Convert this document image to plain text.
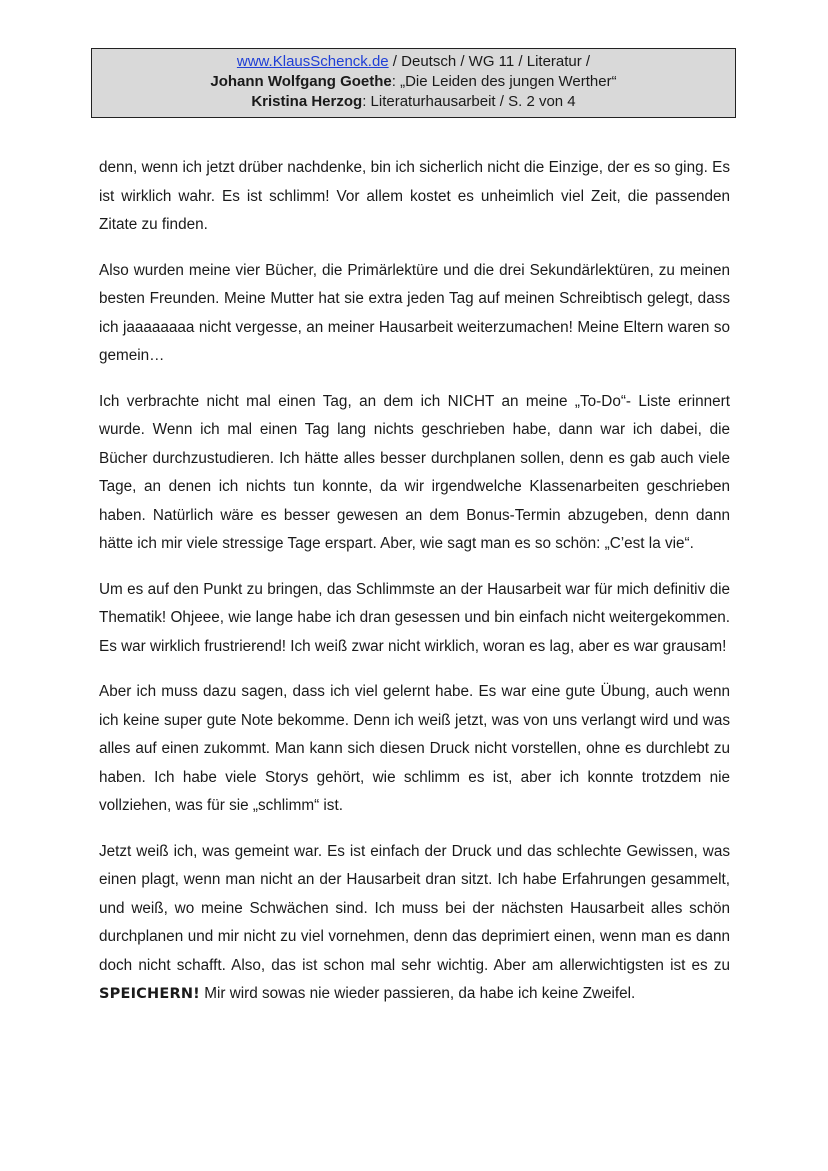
www.KlausSchenck.de / Deutsch / WG 11 / Literatur /
Johann Wolfgang Goethe: „Die Leiden des jungen Werther“
Kristina Herzog: Literaturhausarbeit / S. 2 von 4

denn, wenn ich jetzt drüber nachdenke, bin ich sicherlich nicht die Einzige, der es so ging. Es ist wirklich wahr. Es ist schlimm! Vor allem kostet es unheimlich viel Zeit, die passenden Zitate zu finden.

Also wurden meine vier Bücher, die Primärlektüre und die drei Sekundärlektüren, zu meinen besten Freunden. Meine Mutter hat sie extra jeden Tag auf meinen Schreibtisch gelegt, dass ich jaaaaaaaa nicht vergesse, an meiner Hausarbeit weiterzumachen! Meine Eltern waren so gemein…

Ich verbrachte nicht mal einen Tag, an dem ich NICHT an meine „To-Do“- Liste erinnert wurde. Wenn ich mal einen Tag lang nichts geschrieben habe, dann war ich dabei, die Bücher durchzustudieren. Ich hätte alles besser durchplanen sollen, denn es gab auch viele Tage, an denen ich nichts tun konnte, da wir irgendwelche Klassenarbeiten geschrieben haben. Natürlich wäre es besser gewesen an dem Bonus-Termin abzugeben, denn dann hätte ich mir viele stressige Tage erspart. Aber, wie sagt man es so schön: „C’est la vie“.

Um es auf den Punkt zu bringen, das Schlimmste an der Hausarbeit war für mich definitiv die Thematik! Ohjeee, wie lange habe ich dran gesessen und bin einfach nicht weitergekommen. Es war wirklich frustrierend! Ich weiß zwar nicht wirklich, woran es lag, aber es war grausam!

Aber ich muss dazu sagen, dass ich viel gelernt habe. Es war eine gute Übung, auch wenn ich keine super gute Note bekomme. Denn ich weiß jetzt, was von uns verlangt wird und was alles auf einen zukommt. Man kann sich diesen Druck nicht vorstellen, ohne es durchlebt zu haben. Ich habe viele Storys gehört, wie schlimm es ist, aber ich konnte trotzdem nie vollziehen, was für sie „schlimm“ ist.

Jetzt weiß ich, was gemeint war. Es ist einfach der Druck und das schlechte Gewissen, was einen plagt, wenn man nicht an der Hausarbeit dran sitzt. Ich habe Erfahrungen gesammelt, und weiß, wo meine Schwächen sind. Ich muss bei der nächsten Hausarbeit alles schön durchplanen und mir nicht zu viel vornehmen, denn das deprimiert einen, wenn man es dann doch nicht schafft. Also, das ist schon mal sehr wichtig. Aber am allerwichtigsten ist es zu SPEICHERN! Mir wird sowas nie wieder passieren, da habe ich keine Zweifel.
